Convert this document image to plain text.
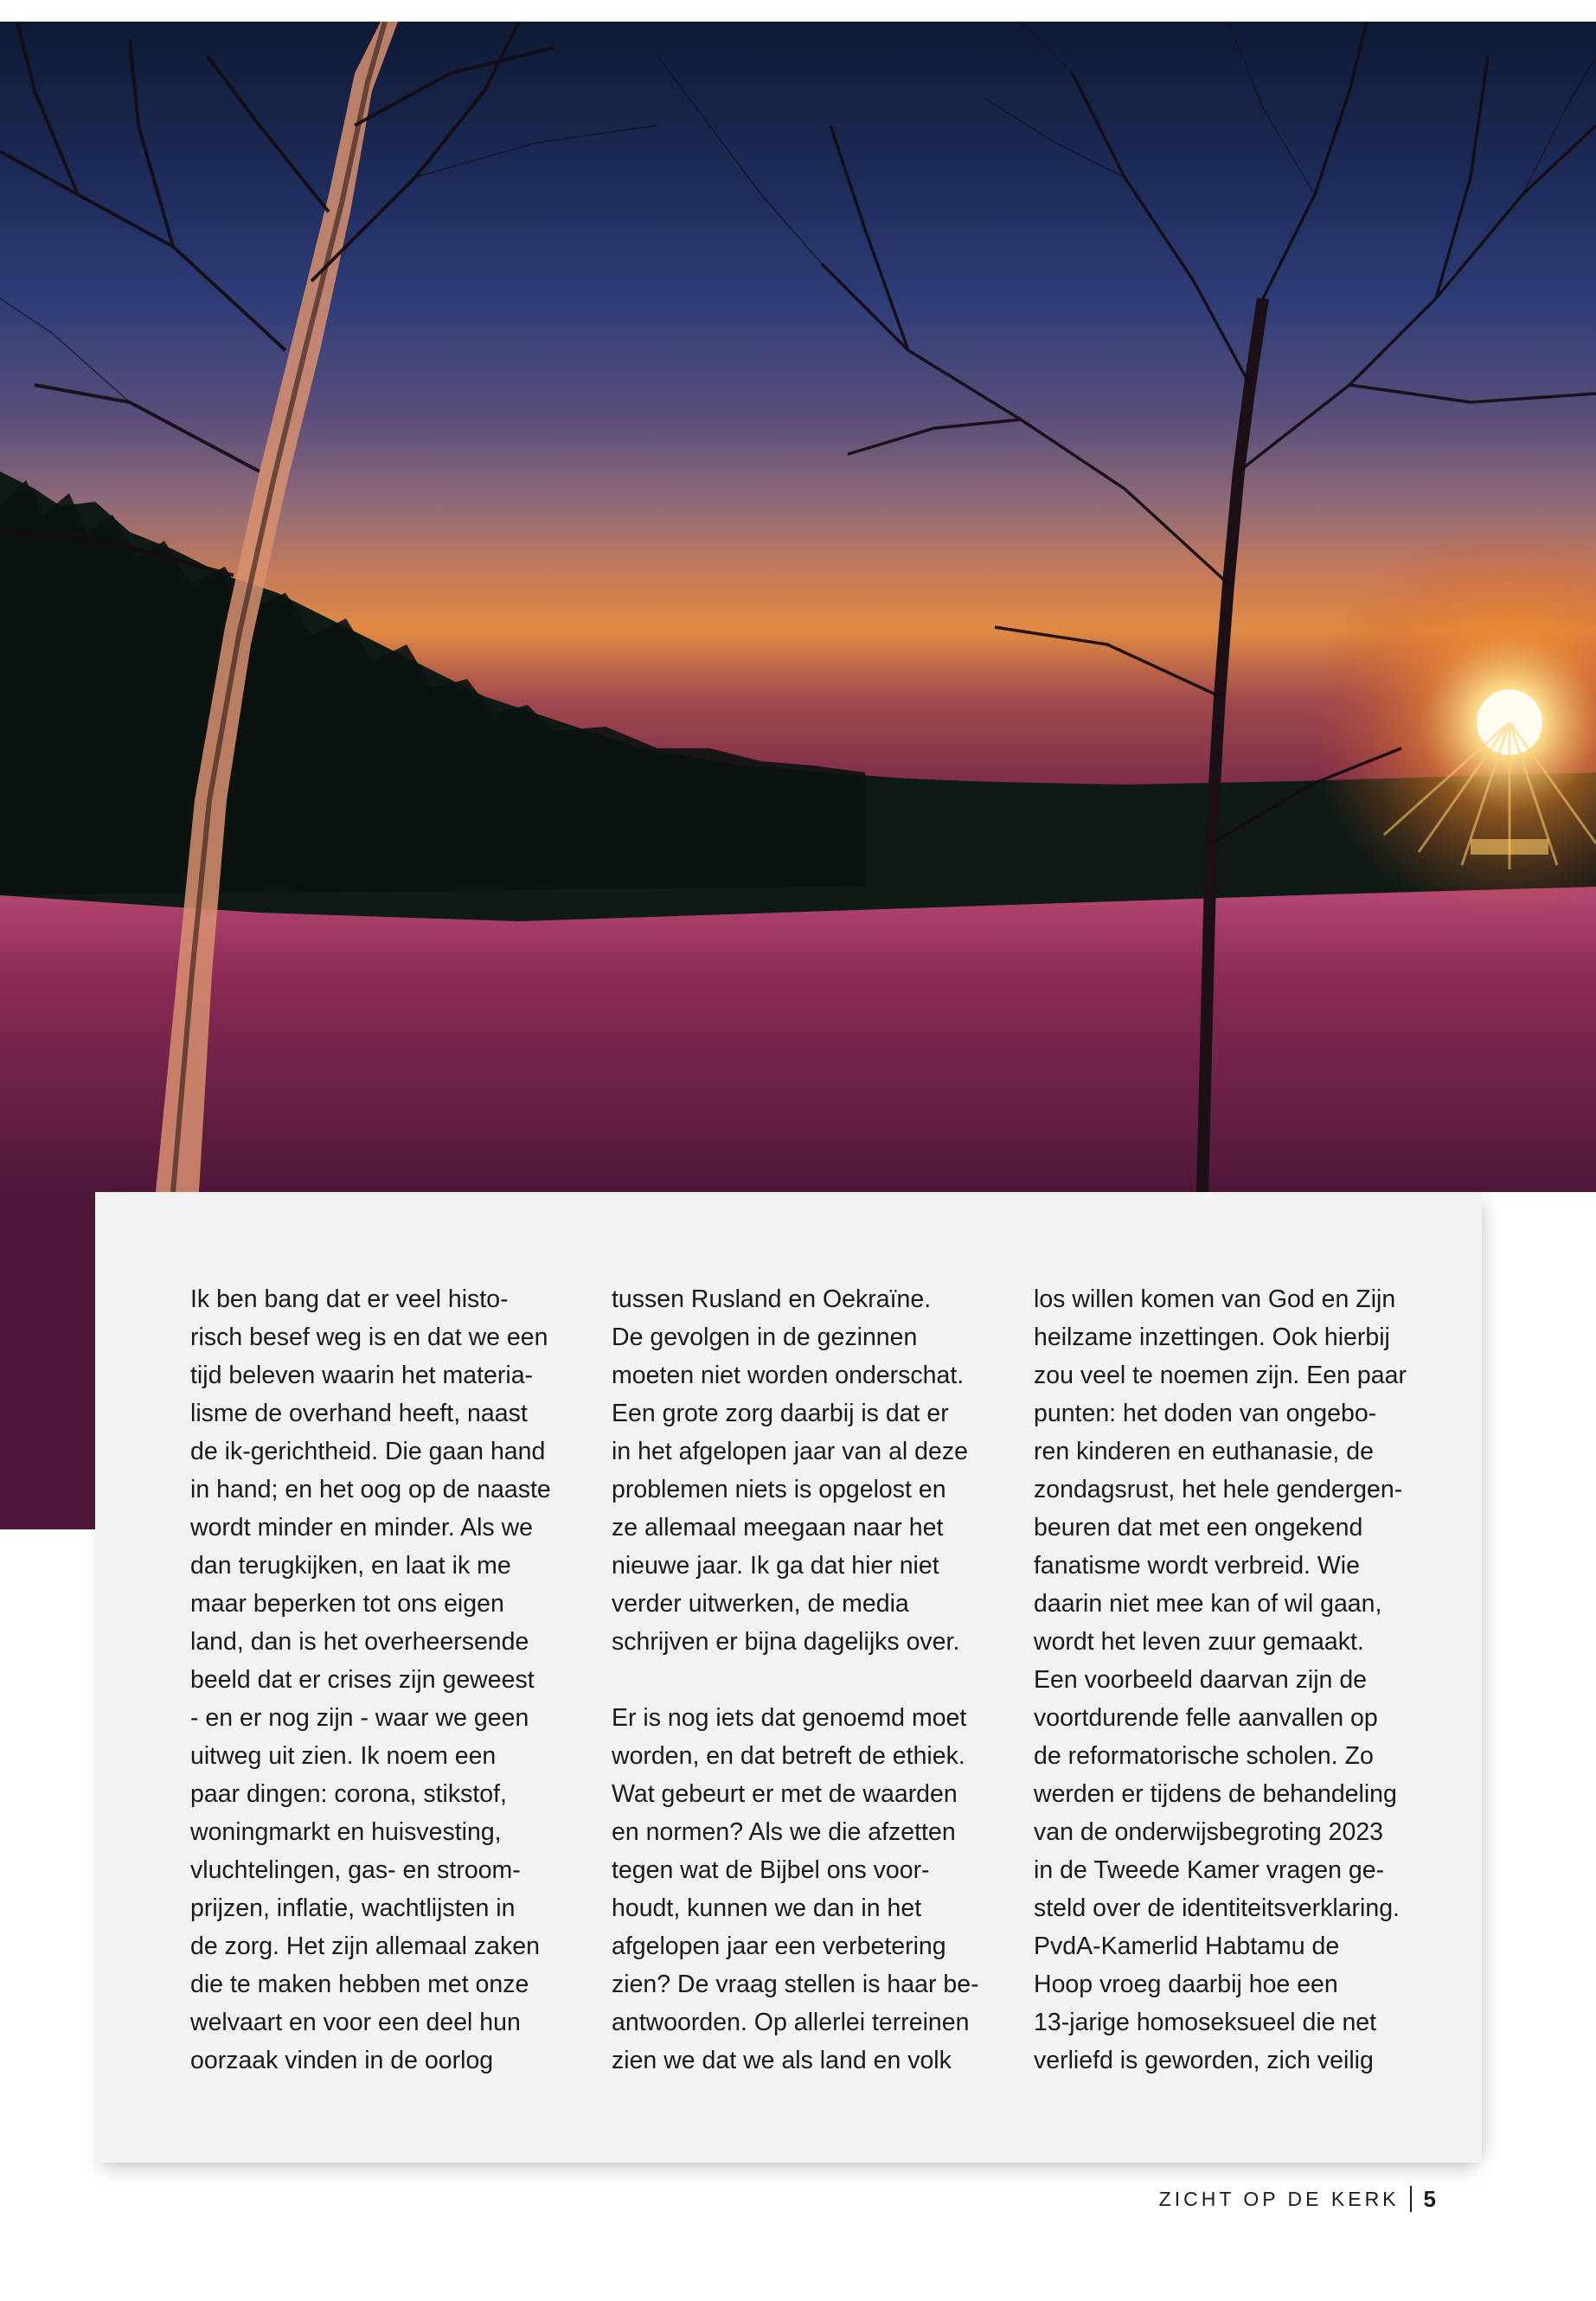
Ik ben bang dat er veel histo-

risch besef weg is en dat we een

tijd beleven waarin het materia-

lisme de overhand heeft, naast

de ik-gerichtheid. Die gaan hand

in hand; en het oog op de naaste

wordt minder en minder. Als we

dan terugkijken, en laat ik me

maar beperken tot ons eigen

land, dan is het overheersende

beeld dat er crises zijn geweest

- en er nog zijn - waar we geen

uitweg uit zien. Ik noem een

paar dingen: corona, stikstof,

woningmarkt en huisvesting,

vluchtelingen, gas- en stroom-

prijzen, inflatie, wachtlijsten in

de zorg. Het zijn allemaal zaken

die te maken hebben met onze

welvaart en voor een deel hun

oorzaak vinden in de oorlog

tussen Rusland en Oekraïne.

De gevolgen in de gezinnen

moeten niet worden onderschat.

Een grote zorg daarbij is dat er

in het afgelopen jaar van al deze

problemen niets is opgelost en

ze allemaal meegaan naar het

nieuwe jaar. Ik ga dat hier niet

verder uitwerken, de media

schrijven er bijna dagelijks over.

Er is nog iets dat genoemd moet

worden, en dat betreft de ethiek.

Wat gebeurt er met de waarden

en normen? Als we die afzetten

tegen wat de Bijbel ons voor-

houdt, kunnen we dan in het

afgelopen jaar een verbetering

zien? De vraag stellen is haar be-

antwoorden. Op allerlei terreinen

zien we dat we als land en volk

los willen komen van God en Zijn

heilzame inzettingen. Ook hierbij

zou veel te noemen zijn. Een paar

punten: het doden van ongebo-

ren kinderen en euthanasie, de

zondagsrust, het hele gendergen-

beuren dat met een ongekend

fanatisme wordt verbreid. Wie

daarin niet mee kan of wil gaan,

wordt het leven zuur gemaakt.

Een voorbeeld daarvan zijn de

voortdurende felle aanvallen op

de reformatorische scholen. Zo

werden er tijdens de behandeling

van de onderwijsbegroting 2023

in de Tweede Kamer vragen ge-

steld over de identiteitsverklaring.

PvdA-Kamerlid Habtamu de

Hoop vroeg daarbij hoe een

13-jarige homoseksueel die net

verliefd is geworden, zich veilig

ZICHT OP DE KERK 5
